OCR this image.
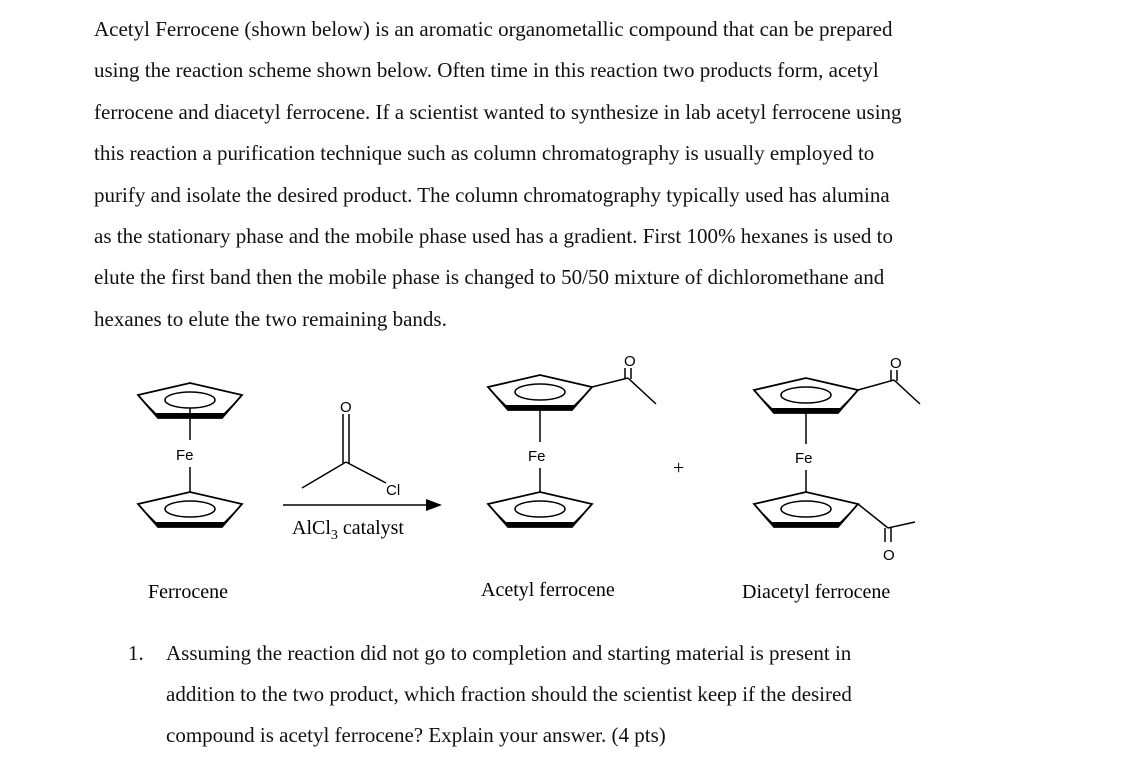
Acetyl Ferrocene (shown below) is an aromatic organometallic compound that can be prepared
using the reaction scheme shown below. Often time in this reaction two products form, acetyl
ferrocene and diacetyl ferrocene. If a scientist wanted to synthesize in lab acetyl ferrocene using
this reaction a purification technique such as column chromatography is usually employed to
purify and isolate the desired product. The column chromatography typically used has alumina
as the stationary phase and the mobile phase used has a gradient. First 100% hexanes is used to
elute the first band then the mobile phase is changed to 50/50 mixture of dichloromethane and
hexanes to elute the two remaining bands.

Fe
O
Cl
AlCl$_3$ catalyst
O
Fe
+
O
Fe
O
Ferrocene	Acetyl ferrocene	Diacetyl ferrocene
1. Assuming the reaction did not go to completion and starting material is present in
addition to the two product, which fraction should the scientist keep if the desired
compound is acetyl ferrocene? Explain your answer. (4 pts)
